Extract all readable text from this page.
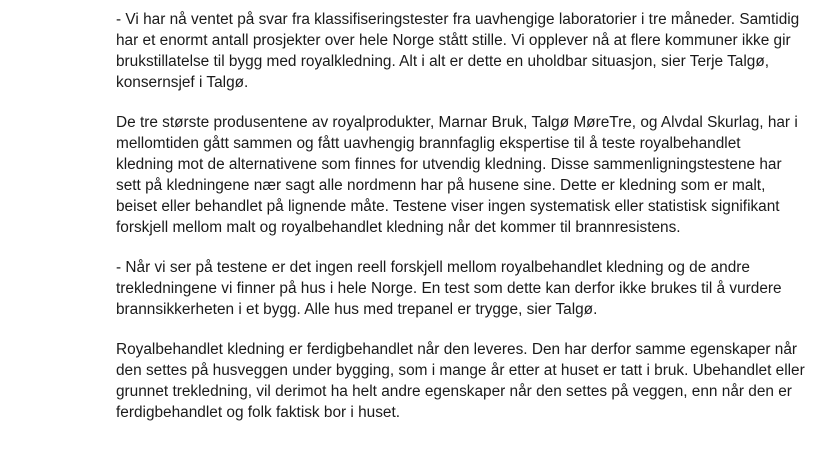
- Vi har nå ventet på svar fra klassifiseringstester fra uavhengige laboratorier i tre måneder. Samtidig
har et enormt antall prosjekter over hele Norge stått stille. Vi opplever nå at flere kommuner ikke gir
brukstillatelse til bygg med royalkledning. Alt i alt er dette en uholdbar situasjon, sier Terje Talgø,
konsernsjef i Talgø.

De tre største produsentene av royalprodukter, Marnar Bruk, Talgø MøreTre, og Alvdal Skurlag, har i
mellomtiden gått sammen og fått uavhengig brannfaglig ekspertise til å teste royalbehandlet
kledning mot de alternativene som finnes for utvendig kledning. Disse sammenligningstestene har
sett på kledningene nær sagt alle nordmenn har på husene sine. Dette er kledning som er malt,
beiset eller behandlet på lignende måte. Testene viser ingen systematisk eller statistisk signifikant
forskjell mellom malt og royalbehandlet kledning når det kommer til brannresistens.

- Når vi ser på testene er det ingen reell forskjell mellom royalbehandlet kledning og de andre
trekledningene vi finner på hus i hele Norge. En test som dette kan derfor ikke brukes til å vurdere
brannsikkerheten i et bygg. Alle hus med trepanel er trygge, sier Talgø.

Royalbehandlet kledning er ferdigbehandlet når den leveres. Den har derfor samme egenskaper når
den settes på husveggen under bygging, som i mange år etter at huset er tatt i bruk. Ubehandlet eller
grunnet trekledning, vil derimot ha helt andre egenskaper når den settes på veggen, enn når den er
ferdigbehandlet og folk faktisk bor i huset.
